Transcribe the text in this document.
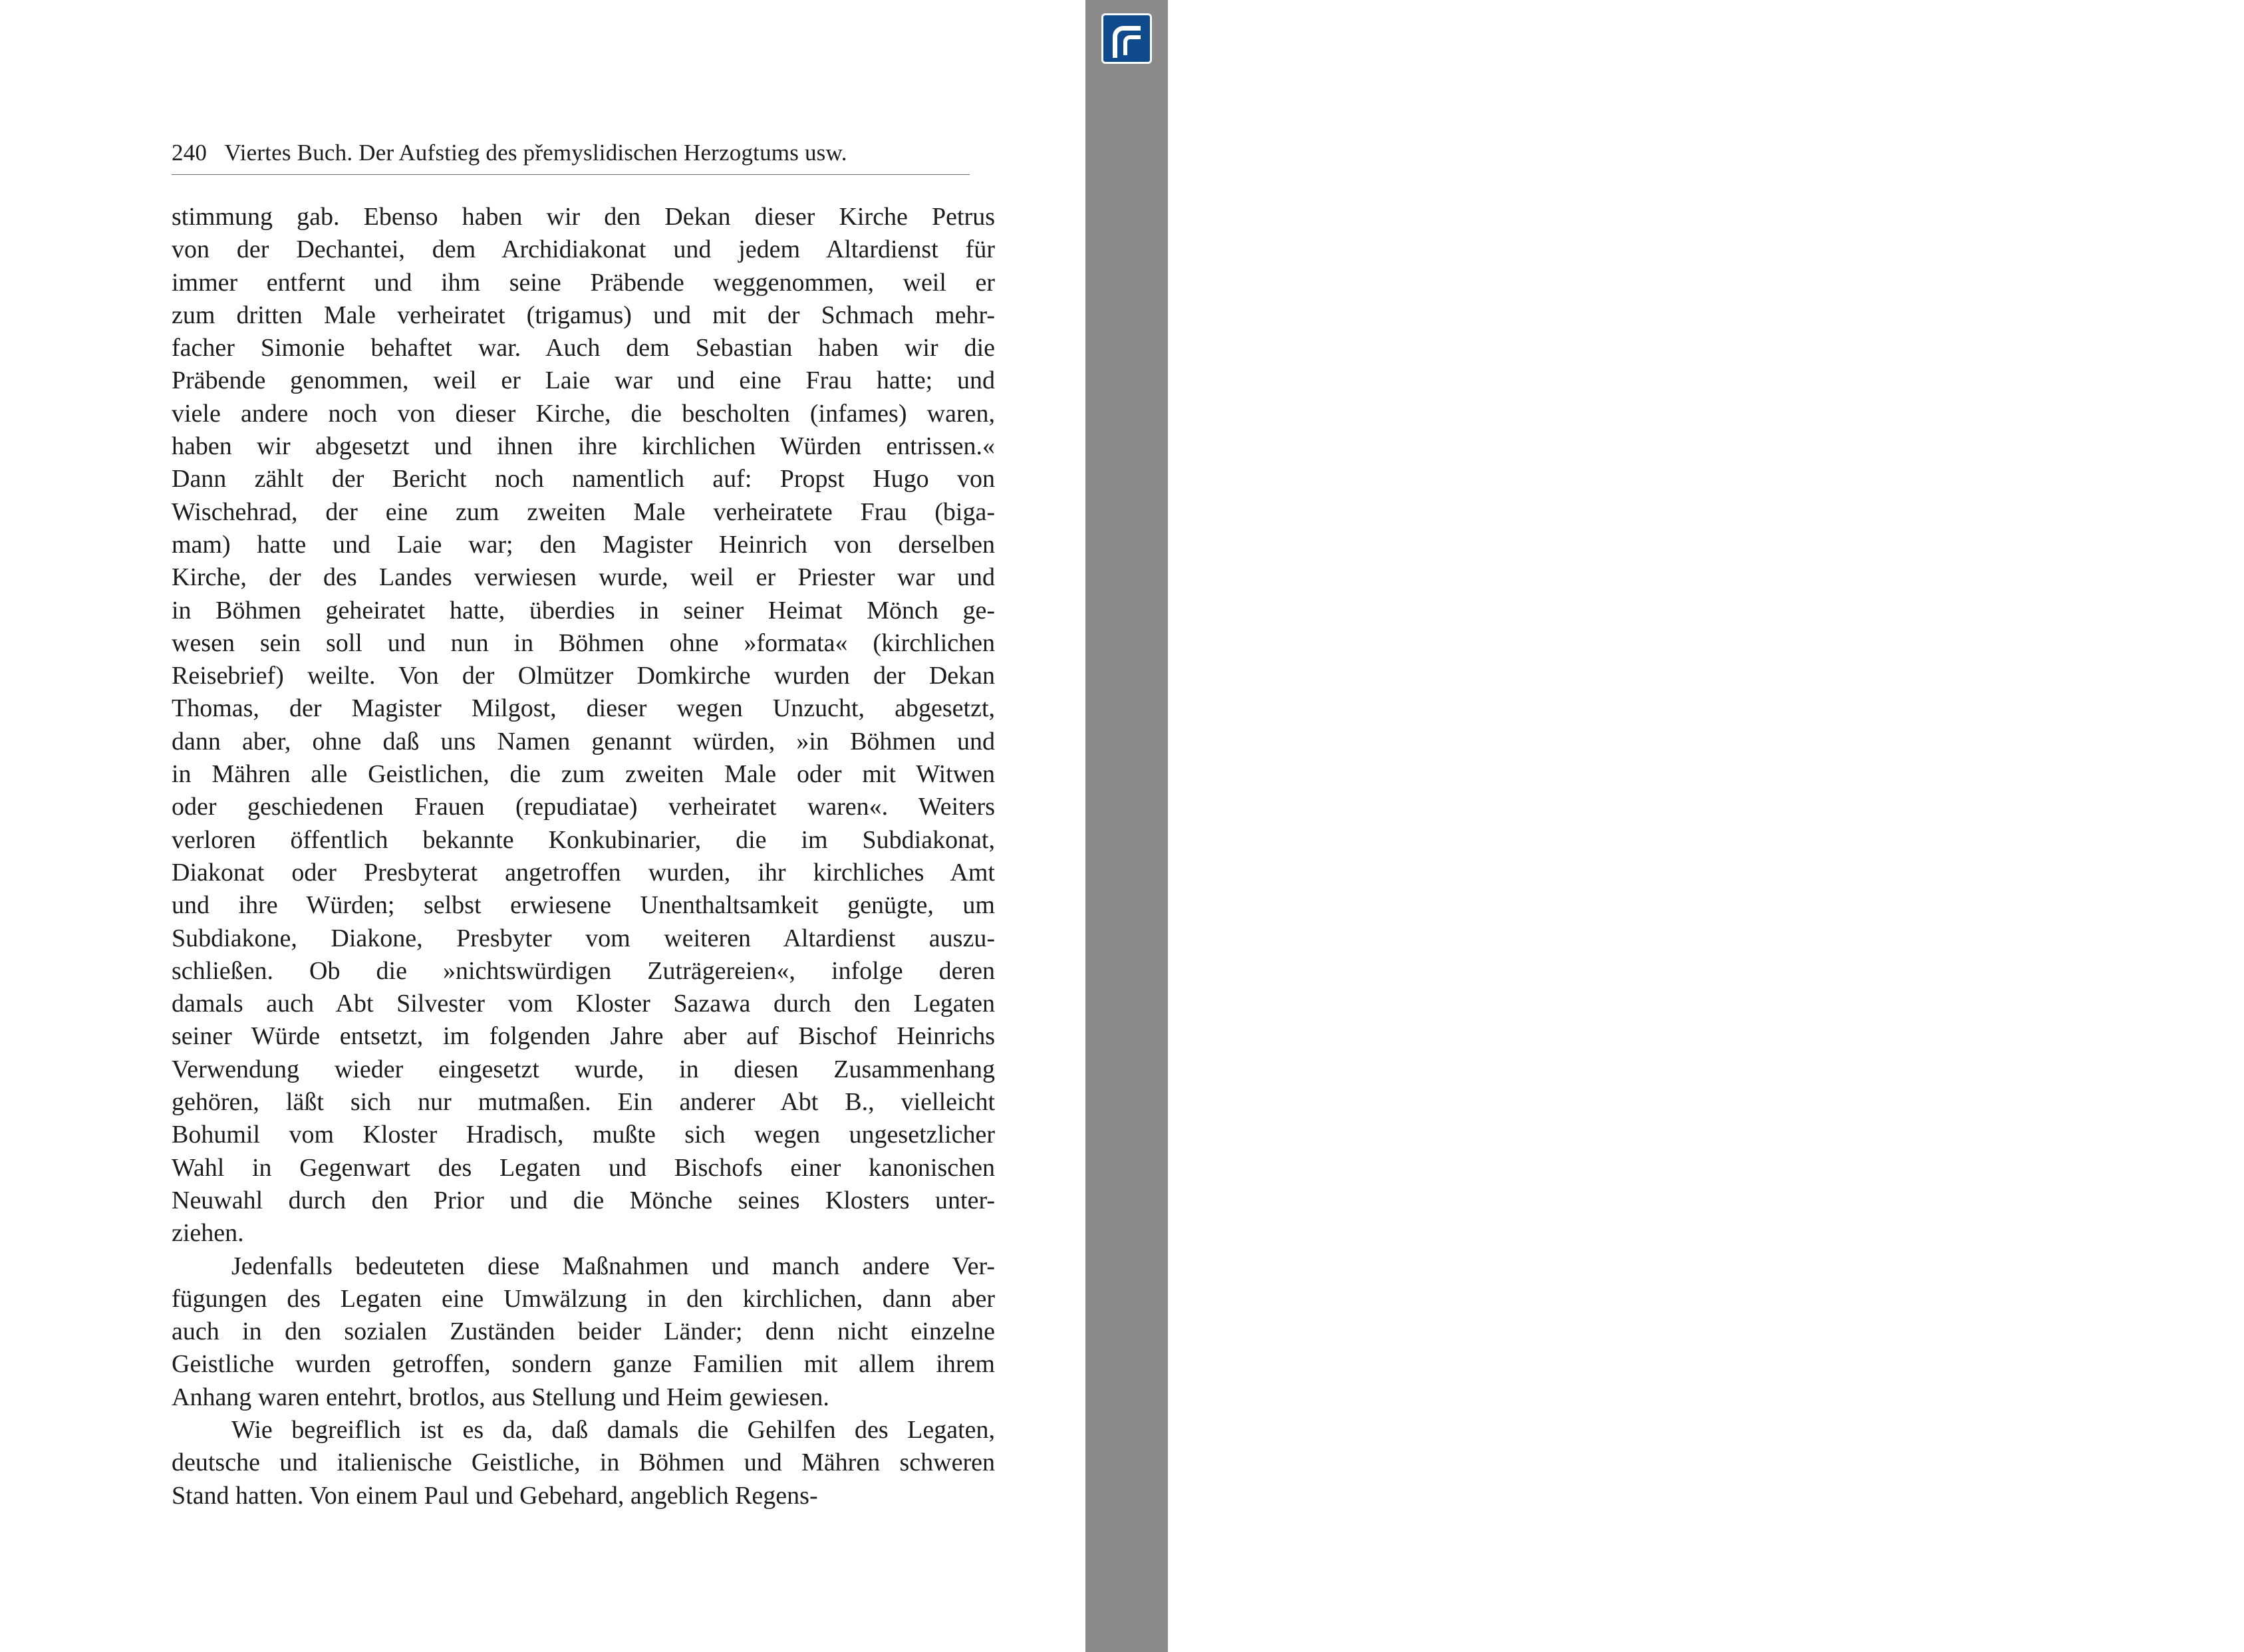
240 Viertes Buch. Der Aufstieg des přemyslidischen Herzogtums usw.
stimmung gab. Ebenso haben wir den Dekan dieser Kirche Petrus
von der Dechantei, dem Archidiakonat und jedem Altardienst für
immer entfernt und ihm seine Präbende weggenommen, weil er
zum dritten Male verheiratet (trigamus) und mit der Schmach mehr-
facher Simonie behaftet war. Auch dem Sebastian haben wir die
Präbende genommen, weil er Laie war und eine Frau hatte; und
viele andere noch von dieser Kirche, die bescholten (infames) waren,
haben wir abgesetzt und ihnen ihre kirchlichen Würden entrissen.«
Dann zählt der Bericht noch namentlich auf: Propst Hugo von
Wischehrad, der eine zum zweiten Male verheiratete Frau (biga-
mam) hatte und Laie war; den Magister Heinrich von derselben
Kirche, der des Landes verwiesen wurde, weil er Priester war und
in Böhmen geheiratet hatte, überdies in seiner Heimat Mönch ge-
wesen sein soll und nun in Böhmen ohne »formata« (kirchlichen
Reisebrief) weilte. Von der Olmützer Domkirche wurden der Dekan
Thomas, der Magister Milgost, dieser wegen Unzucht, abgesetzt,
dann aber, ohne daß uns Namen genannt würden, »in Böhmen und
in Mähren alle Geistlichen, die zum zweiten Male oder mit Witwen
oder geschiedenen Frauen (repudiatae) verheiratet waren«. Weiters
verloren öffentlich bekannte Konkubinarier, die im Subdiakonat,
Diakonat oder Presbyterat angetroffen wurden, ihr kirchliches Amt
und ihre Würden; selbst erwiesene Unenthaltsamkeit genügte, um
Subdiakone, Diakone, Presbyter vom weiteren Altardienst auszu-
schließen. Ob die »nichtswürdigen Zuträgereien«, infolge deren
damals auch Abt Silvester vom Kloster Sazawa durch den Legaten
seiner Würde entsetzt, im folgenden Jahre aber auf Bischof Heinrichs
Verwendung wieder eingesetzt wurde, in diesen Zusammenhang
gehören, läßt sich nur mutmaßen. Ein anderer Abt B., vielleicht
Bohumil vom Kloster Hradisch, mußte sich wegen ungesetzlicher
Wahl in Gegenwart des Legaten und Bischofs einer kanonischen
Neuwahl durch den Prior und die Mönche seines Klosters unter-
ziehen.
Jedenfalls bedeuteten diese Maßnahmen und manch andere Ver-
fügungen des Legaten eine Umwälzung in den kirchlichen, dann aber
auch in den sozialen Zuständen beider Länder; denn nicht einzelne
Geistliche wurden getroffen, sondern ganze Familien mit allem ihrem
Anhang waren entehrt, brotlos, aus Stellung und Heim gewiesen.
Wie begreiflich ist es da, daß damals die Gehilfen des Legaten,
deutsche und italienische Geistliche, in Böhmen und Mähren schweren
Stand hatten. Von einem Paul und Gebehard, angeblich Regens-
Créé par la version démo de Universal Document Converter. La version complète n'ajoute pas ce texte.
FR.PRINT-DRIVER.COM
